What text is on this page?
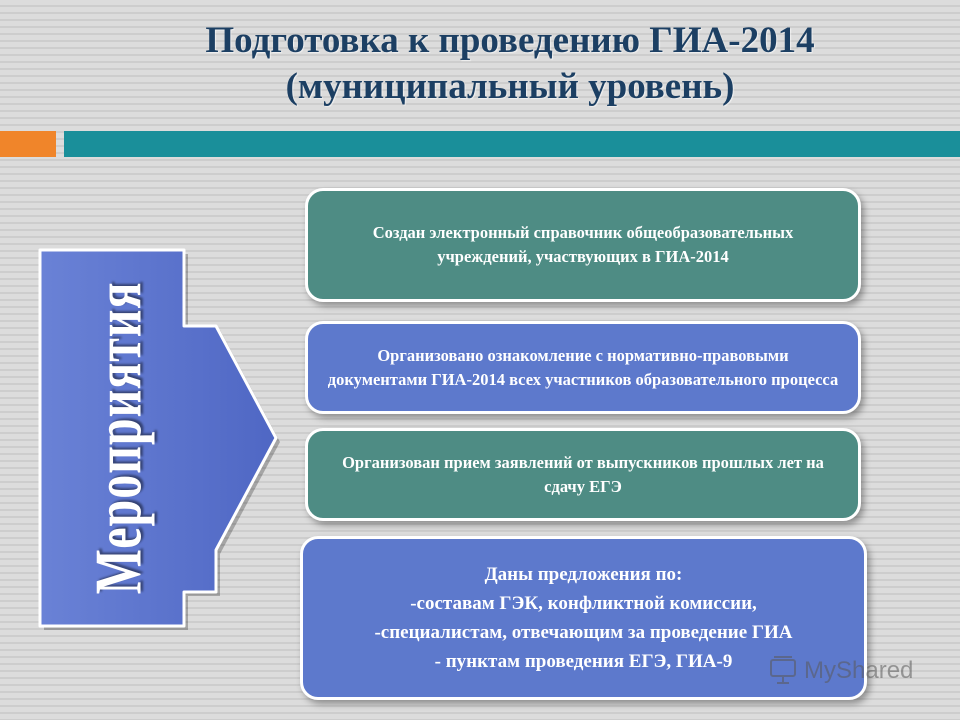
Подготовка к проведению ГИА-2014
(муниципальный уровень)
Мероприятия
Создан электронный справочник общеобразовательных учреждений, участвующих в ГИА-2014
Организовано ознакомление с нормативно-правовыми документами ГИА-2014 всех участников образовательного процесса
Организован прием заявлений от выпускников прошлых лет на сдачу ЕГЭ
Даны предложения по:
-составам ГЭК, конфликтной комиссии,
-специалистам, отвечающим за проведение ГИА
- пунктам проведения ЕГЭ, ГИА-9	MyShared
